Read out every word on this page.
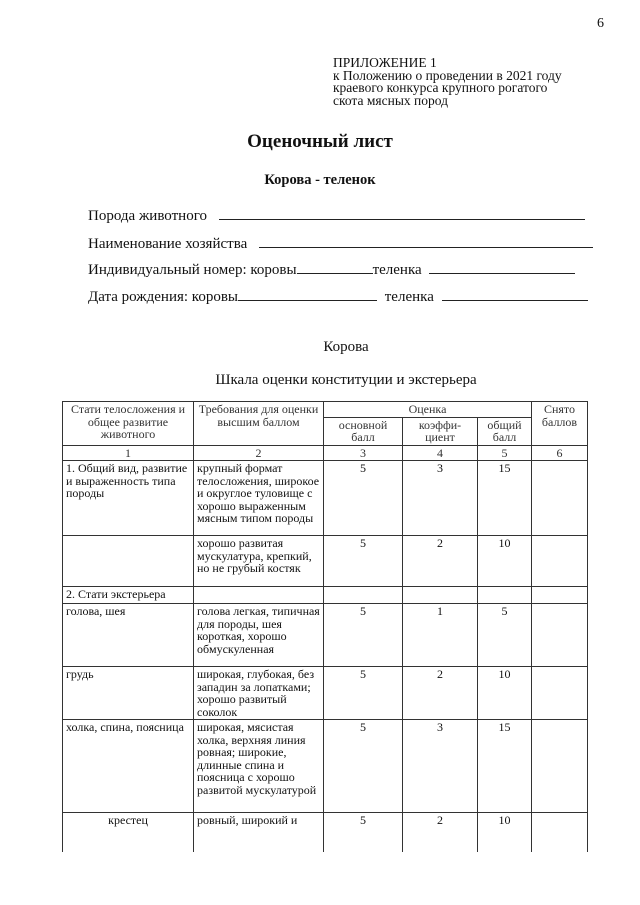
6
ПРИЛОЖЕНИЕ 1
к Положению о проведении в 2021 году
краевого конкурса крупного рогатого
скота мясных пород
Оценочный лист
Корова - теленок
Порода животного
Наименование хозяйства
Индивидуальный номер: коровы	теленка
Дата рождения: коровы	теленка
Корова
Шкала оценки конституции и экстерьера
Стати телосложения и общее развитие животного	Требования для оценки высшим баллом	Оценка			Снято баллов
		основной балл	коэффи-циент	общий балл	
1	2	3	4	5	6
1. Общий вид, развитие и выраженность типа породы	крупный формат телосложения, широкое и округлое туловище с хорошо выраженным мясным типом породы	5	3	15	
	хорошо развитая мускулатура, крепкий, но не грубый костяк	5	2	10	
2. Стати экстерьера					
голова, шея	голова легкая, типичная для породы, шея короткая, хорошо обмускуленная	5	1	5	
грудь	широкая, глубокая, без западин за лопатками; хорошо развитый соколок	5	2	10	
холка, спина, поясница	широкая, мясистая холка, верхняя линия ровная; широкие, длинные спина и поясница с хорошо развитой мускулатурой	5	3	15	
крестец	ровный, широкий и	5	2	10	
